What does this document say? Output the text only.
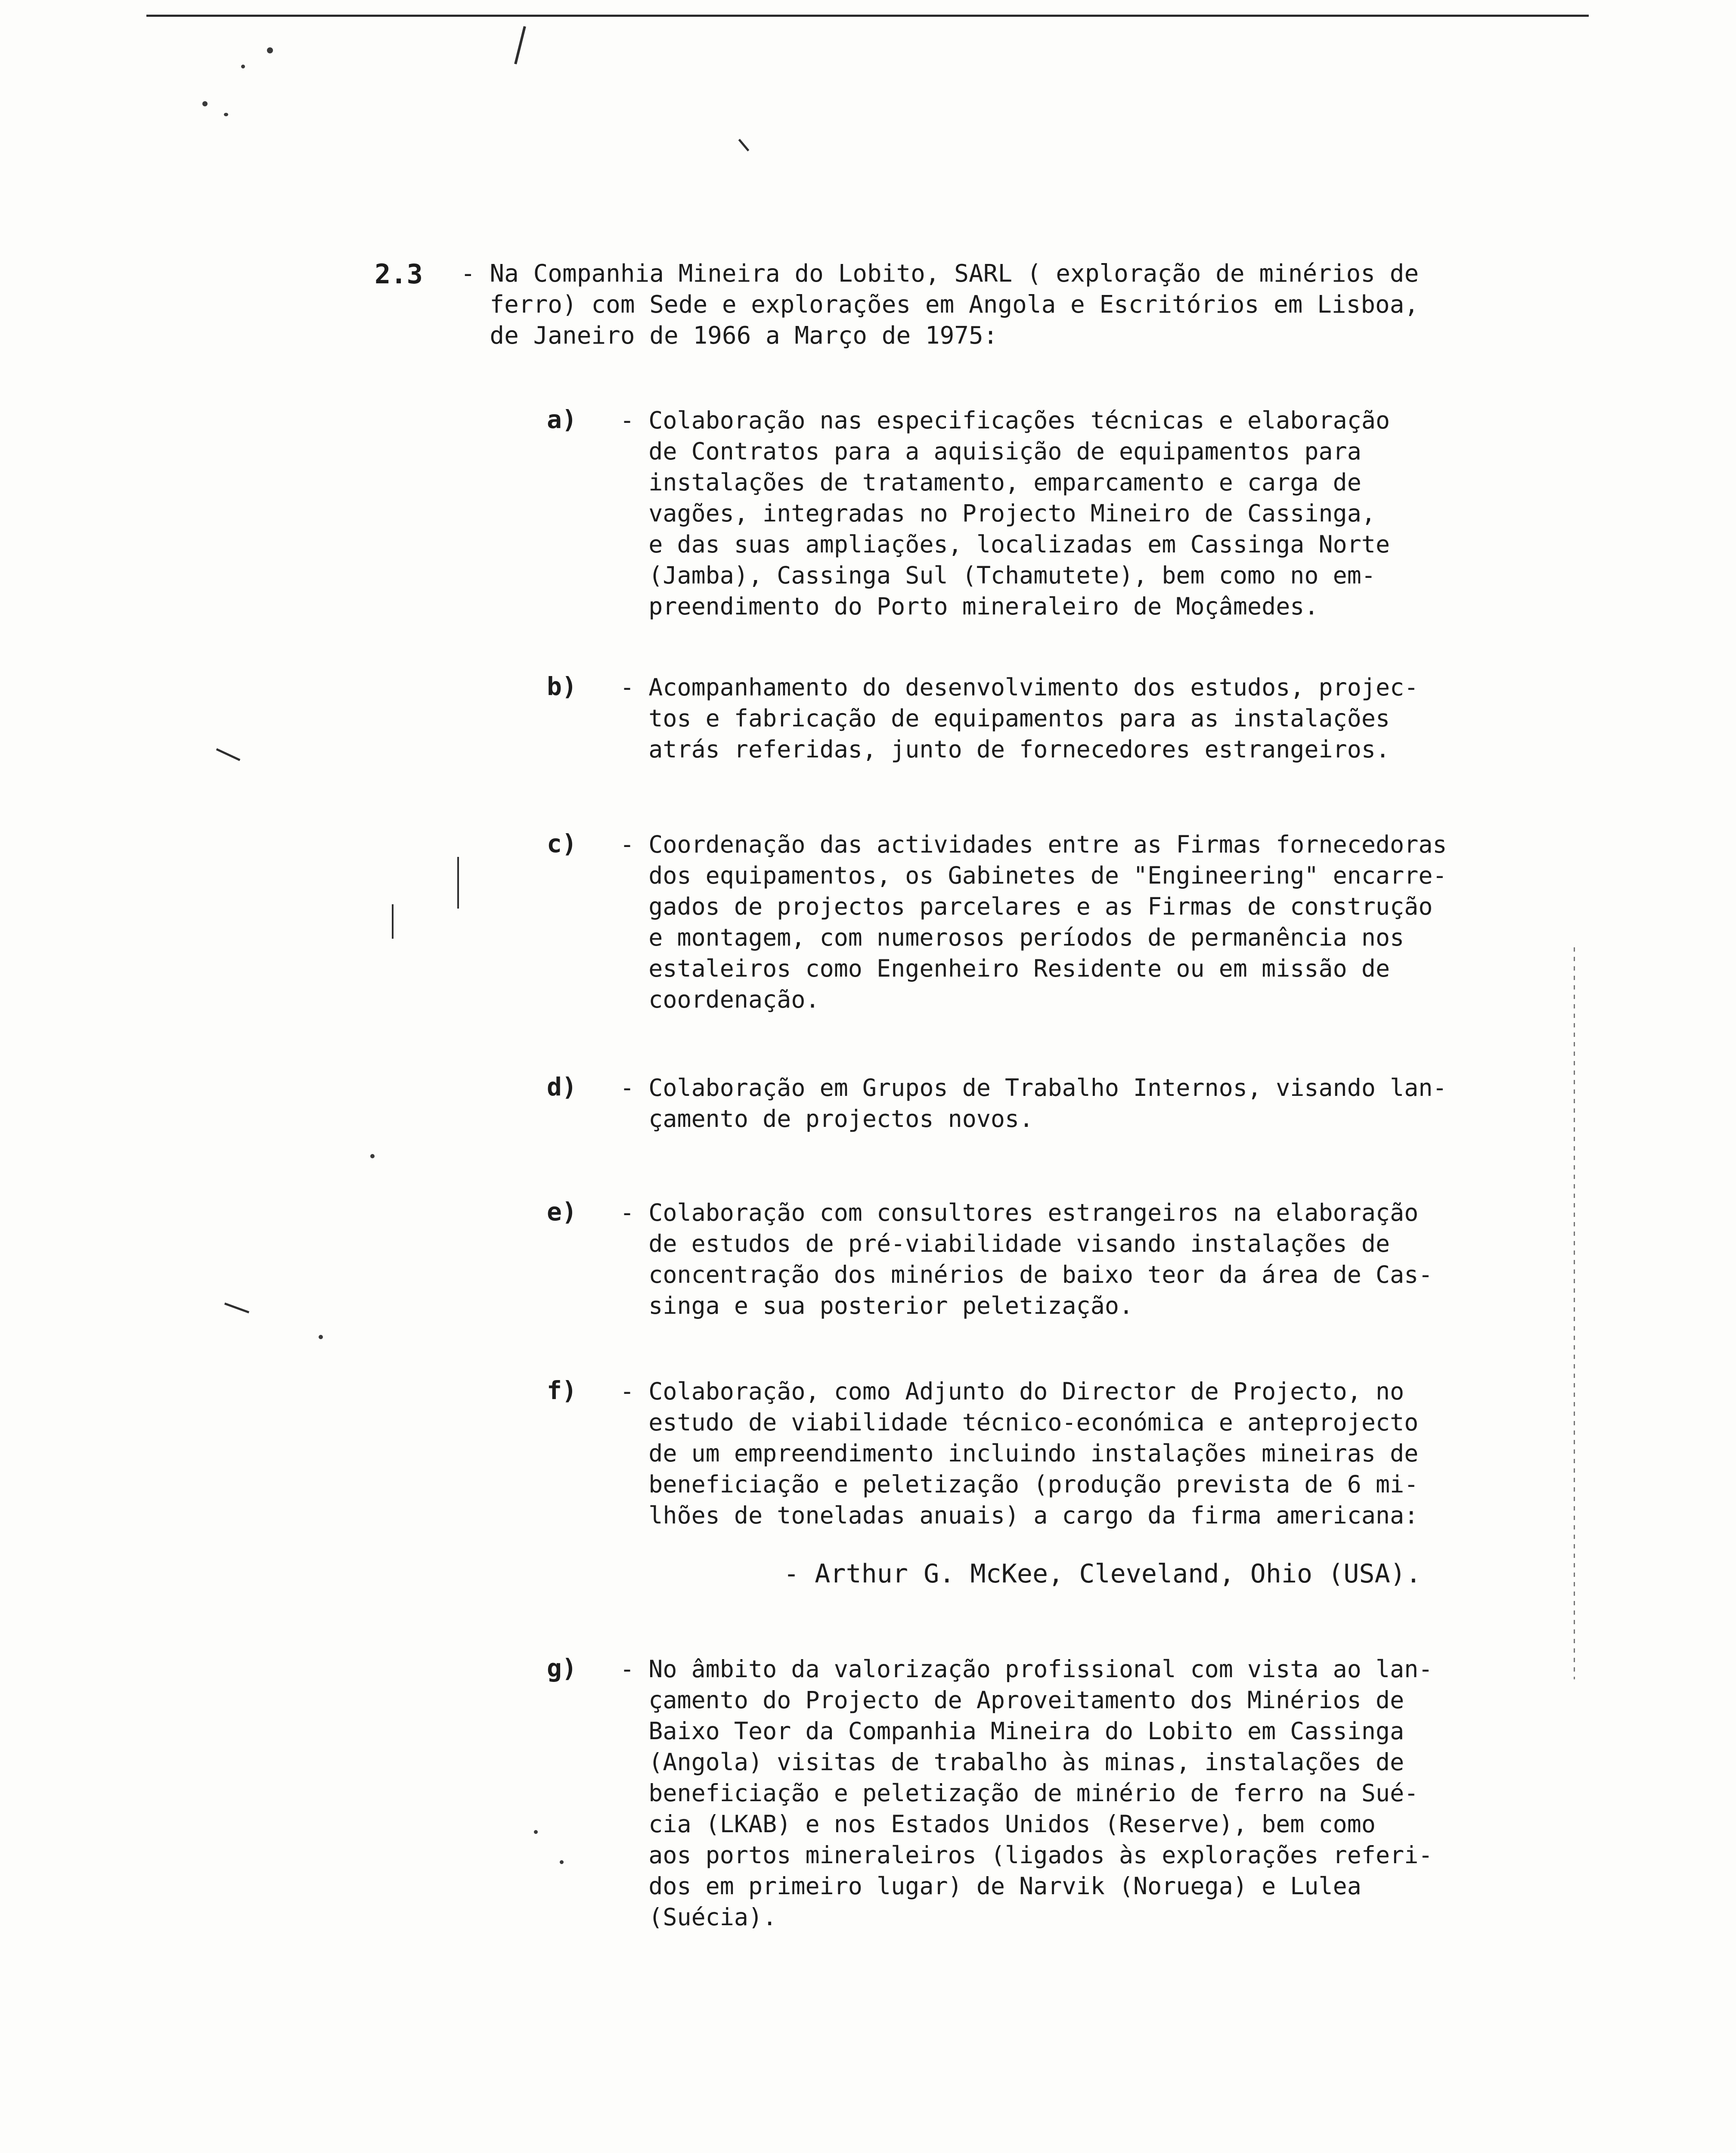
2.3 - Na Companhia Mineira do Lobito, SARL ( exploração de minérios de
ferro) com Sede e explorações em Angola e Escritórios em Lisboa,
de Janeiro de 1966 a Março de 1975:
a) - Colaboração nas especificações técnicas e elaboração
de Contratos para a aquisição de equipamentos para
instalações de tratamento, emparcamento e carga de
vagões, integradas no Projecto Mineiro de Cassinga,
e das suas ampliações, localizadas em Cassinga Norte
(Jamba), Cassinga Sul (Tchamutete), bem como no em-
preendimento do Porto mineraleiro de Moçâmedes.
b) - Acompanhamento do desenvolvimento dos estudos, projec-
tos e fabricação de equipamentos para as instalações
atrás referidas, junto de fornecedores estrangeiros.
c) - Coordenação das actividades entre as Firmas fornecedoras
dos equipamentos, os Gabinetes de "Engineering" encarre-
gados de projectos parcelares e as Firmas de construção
e montagem, com numerosos períodos de permanência nos
estaleiros como Engenheiro Residente ou em missão de
coordenação.
d) - Colaboração em Grupos de Trabalho Internos, visando lan-
çamento de projectos novos.
e) - Colaboração com consultores estrangeiros na elaboração
de estudos de pré-viabilidade visando instalações de
concentração dos minérios de baixo teor da área de Cas-
singa e sua posterior peletização.
f) - Colaboração, como Adjunto do Director de Projecto, no
estudo de viabilidade técnico-económica e anteprojecto
de um empreendimento incluindo instalações mineiras de
beneficiação e peletização (produção prevista de 6 mi-
lhões de toneladas anuais) a cargo da firma americana:
- Arthur G. McKee, Cleveland, Ohio (USA).
g) - No âmbito da valorização profissional com vista ao lan-
çamento do Projecto de Aproveitamento dos Minérios de
Baixo Teor da Companhia Mineira do Lobito em Cassinga
(Angola) visitas de trabalho às minas, instalações de
beneficiação e peletização de minério de ferro na Sué-
cia (LKAB) e nos Estados Unidos (Reserve), bem como
aos portos mineraleiros (ligados às explorações referi-
dos em primeiro lugar) de Narvik (Noruega) e Lulea
(Suécia).
